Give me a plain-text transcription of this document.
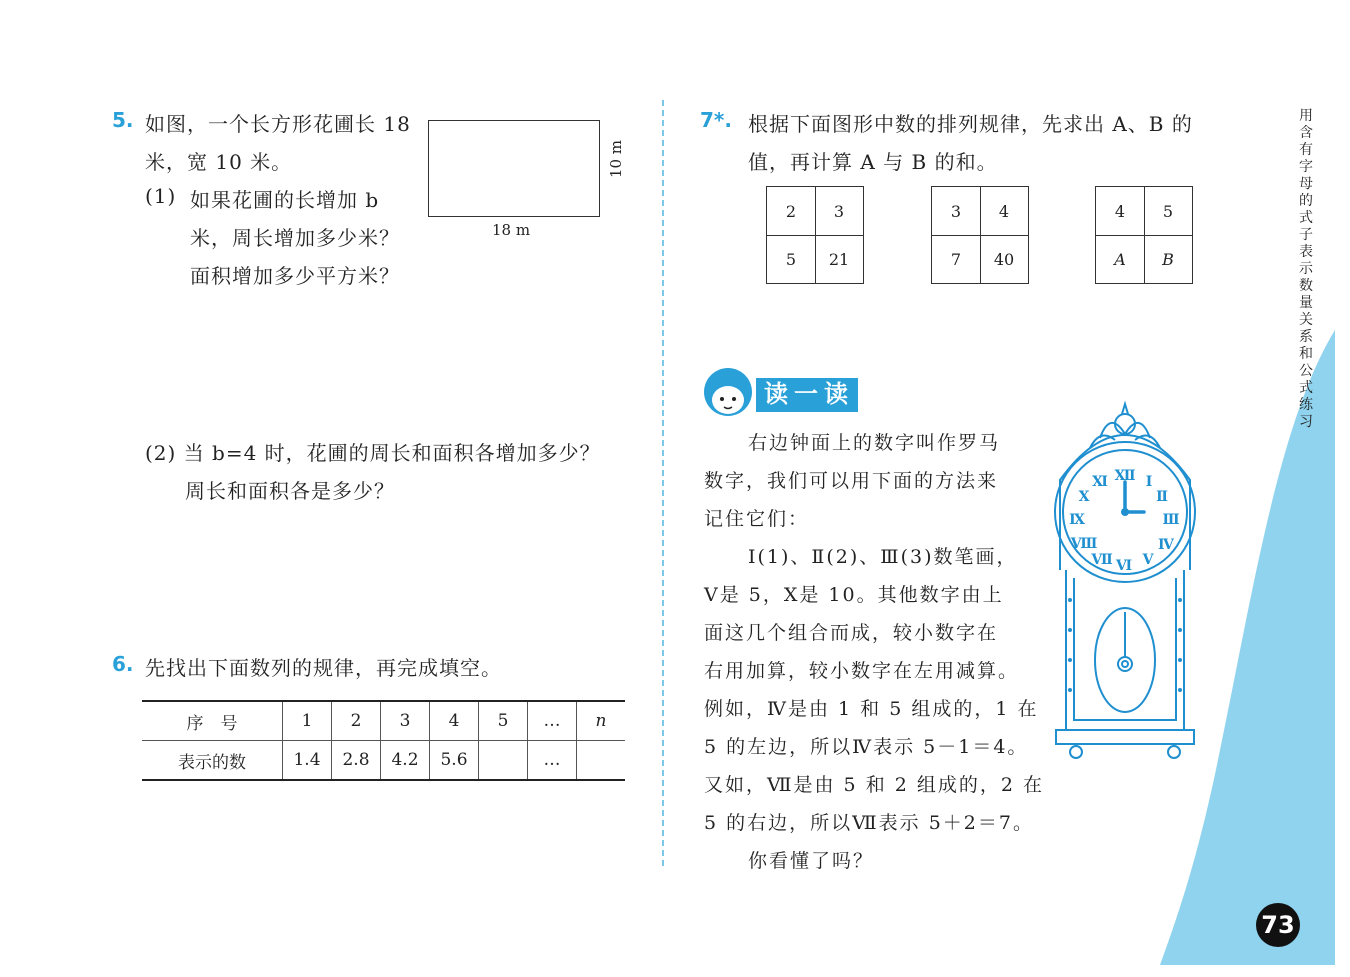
5. 如图，一个长方形花圃长 18
米，宽 10 米。
(1) 如果花圃的长增加 b
米，周长增加多少米？
面积增加多少平方米？
(2) 当 b=4 时，花圃的周长和面积各增加多少？
周长和面积各是多少？
18 m
10 m
6. 先找出下面数列的规律，再完成填空。
序　号	1	2	3	4	5	…	n
表示的数	1.4	2.8	4.2	5.6		…	
7*. 根据下面图形中数的排列规律，先求出 A、B 的
值，再计算 A 与 B 的和。
2	3
5	21
3	4
7	40
4	5
A	B
读一读
右边钟面上的数字叫作罗马
数字，我们可以用下面的方法来
记住它们：
Ⅰ(1)、Ⅱ(2)、Ⅲ(3)数笔画，
Ⅴ是 5，Ⅹ是 10。其他数字由上
面这几个组合而成，较小数字在
右用加算，较小数字在左用减算。
例如，Ⅳ是由 1 和 5 组成的，1 在
5 的左边，所以Ⅳ表示 5－1＝4。
又如，Ⅶ是由 5 和 2 组成的，2 在
5 的右边，所以Ⅶ表示 5＋2＝7。
你看懂了吗？
Ⅻ Ⅰ
Ⅱ
Ⅲ
Ⅳ
Ⅴ
Ⅵ
Ⅶ
Ⅷ
Ⅸ
Ⅹ
Ⅺ
用含有字母的式子表示数量关系和公式练习
73
